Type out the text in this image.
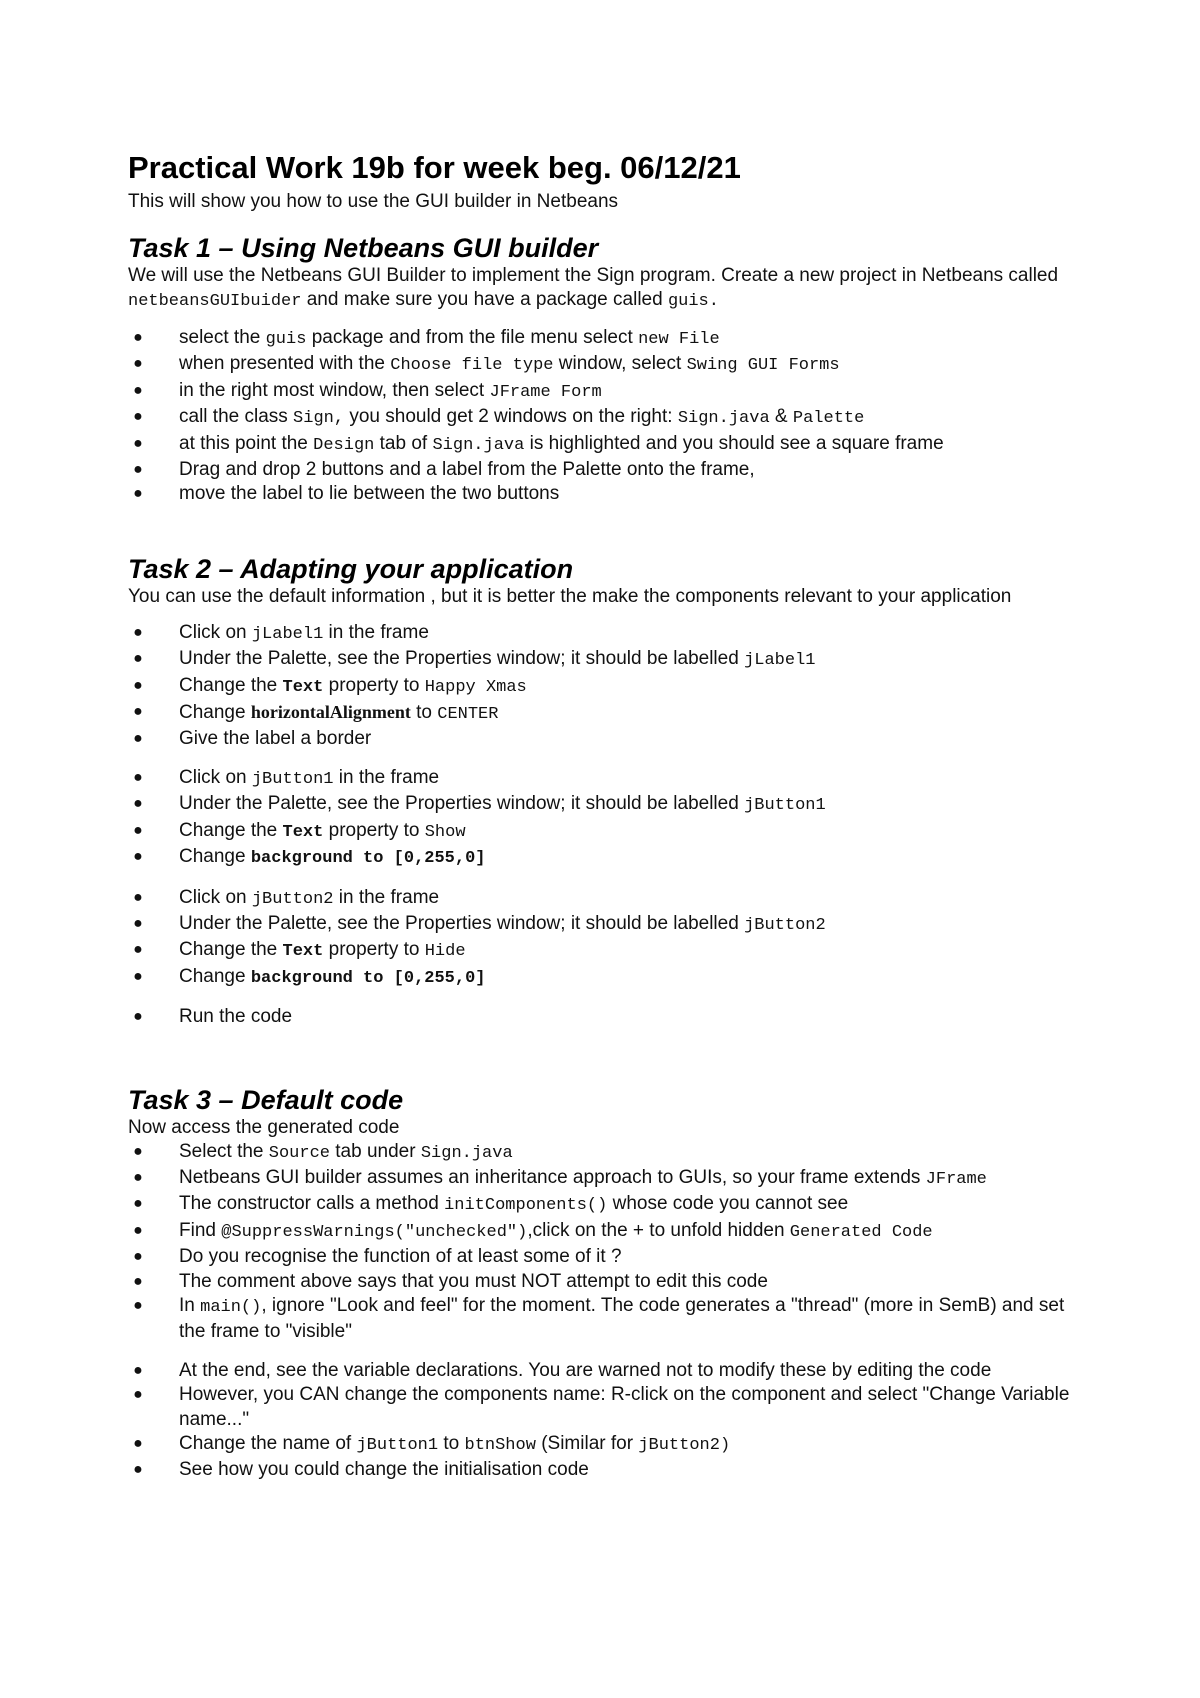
Practical Work 19b for week beg. 06/12/21

This will show you how to use the GUI builder in Netbeans

Task 1 – Using Netbeans GUI builder

We will use the Netbeans GUI Builder to implement the Sign program. Create a new project in Netbeans called netbeansGUIbuider and make sure you have a package called guis.

● select the guis package and from the file menu select new File
● when presented with the Choose file type window, select Swing GUI Forms
● in the right most window, then select JFrame Form
● call the class Sign, you should get 2 windows on the right: Sign.java & Palette
● at this point the Design tab of Sign.java is highlighted and you should see a square frame
● Drag and drop 2 buttons and a label from the Palette onto the frame,
● move the label to lie between the two buttons
Task 2 – Adapting your application

You can use the default information , but it is better the make the components relevant to your application

● Click on jLabel1 in the frame
● Under the Palette, see the Properties window; it should be labelled jLabel1
● Change the Text property to Happy Xmas
● Change horizontalAlignment to CENTER
● Give the label a border
● Click on jButton1 in the frame
● Under the Palette, see the Properties window; it should be labelled jButton1
● Change the Text property to Show
● Change background to [0,255,0]
● Click on jButton2 in the frame
● Under the Palette, see the Properties window; it should be labelled jButton2
● Change the Text property to Hide
● Change background to [0,255,0]
● Run the code
Task 3 – Default code

Now access the generated code

● Select the Source tab under Sign.java
● Netbeans GUI builder assumes an inheritance approach to GUIs, so your frame extends JFrame
● The constructor calls a method initComponents() whose code you cannot see
● Find @SuppressWarnings("unchecked"),click on the + to unfold hidden Generated Code
● Do you recognise the function of at least some of it ?
● The comment above says that you must NOT attempt to edit this code
● In main(), ignore "Look and feel" for the moment. The code generates a "thread" (more in SemB) and set the frame to "visible"
● At the end, see the variable declarations. You are warned not to modify these by editing the code
● However, you CAN change the components name: R-click on the component and select "Change Variable name..."
● Change the name of jButton1 to btnShow (Similar for jButton2)
● See how you could change the initialisation code
